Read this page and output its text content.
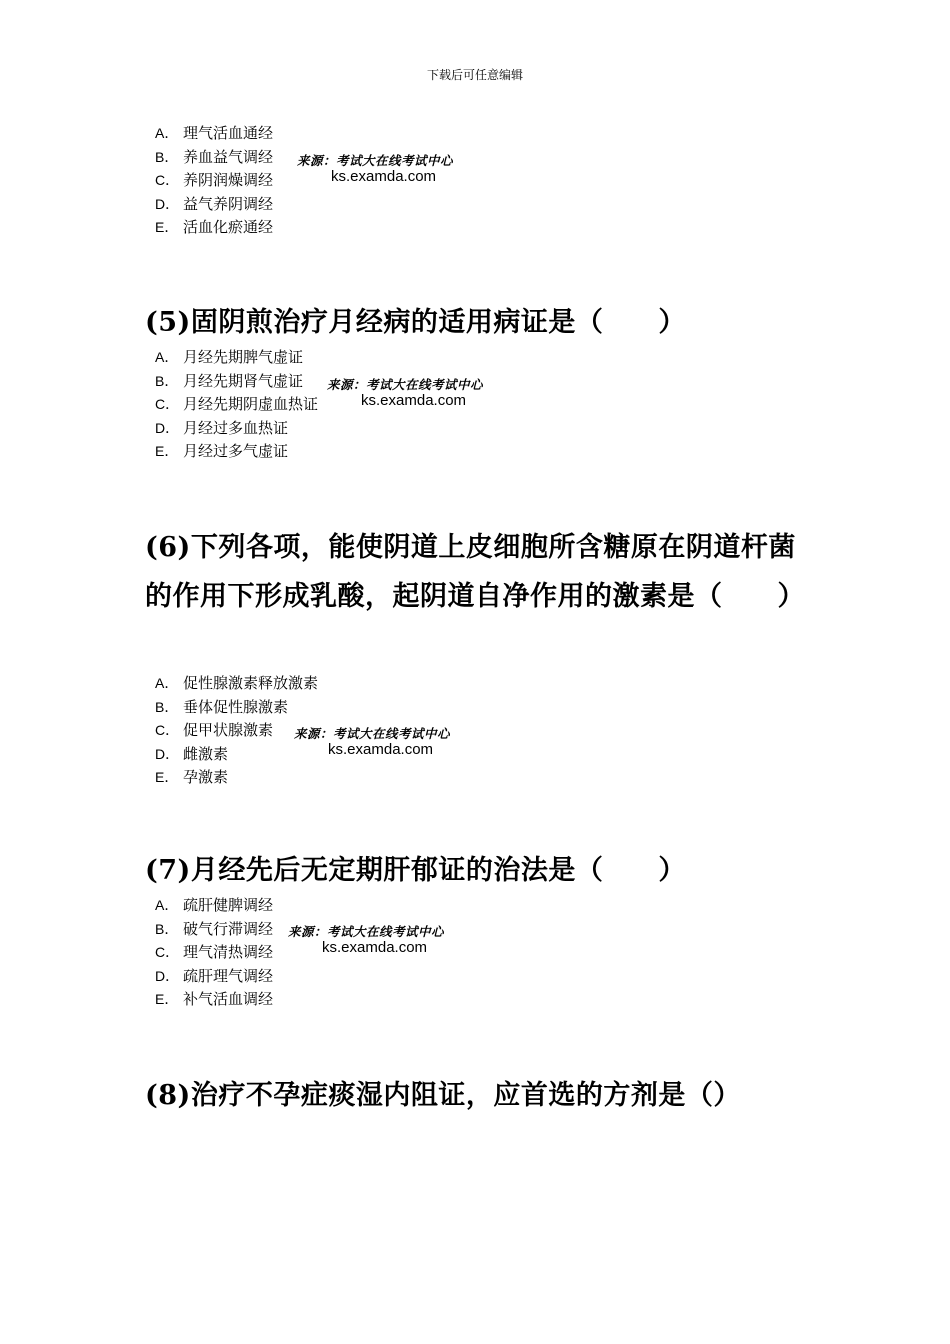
下载后可任意编辑
A． 理气活血通经
B． 养血益气调经
C． 养阴润燥调经
D． 益气养阴调经
E． 活血化瘀通经
来源：考试大在线考试中心
ks.examda.com
(5)固阴煎治疗月经病的适用病证是（　　）
A． 月经先期脾气虚证
B． 月经先期肾气虚证
C． 月经先期阴虚血热证
D． 月经过多血热证
E． 月经过多气虚证
来源：考试大在线考试中心
ks.examda.com
(6)下列各项，能使阴道上皮细胞所含糖原在阴道杆菌的作用下形成乳酸，起阴道自净作用的激素是（　　）
A． 促性腺激素释放激素
B． 垂体促性腺激素
C． 促甲状腺激素
D． 雌激素
E． 孕激素
来源：考试大在线考试中心
ks.examda.com
(7)月经先后无定期肝郁证的治法是（　　）
A． 疏肝健脾调经
B． 破气行滞调经
C． 理气清热调经
D． 疏肝理气调经
E． 补气活血调经
来源：考试大在线考试中心
ks.examda.com
(8)治疗不孕症痰湿内阻证，应首选的方剂是（）
